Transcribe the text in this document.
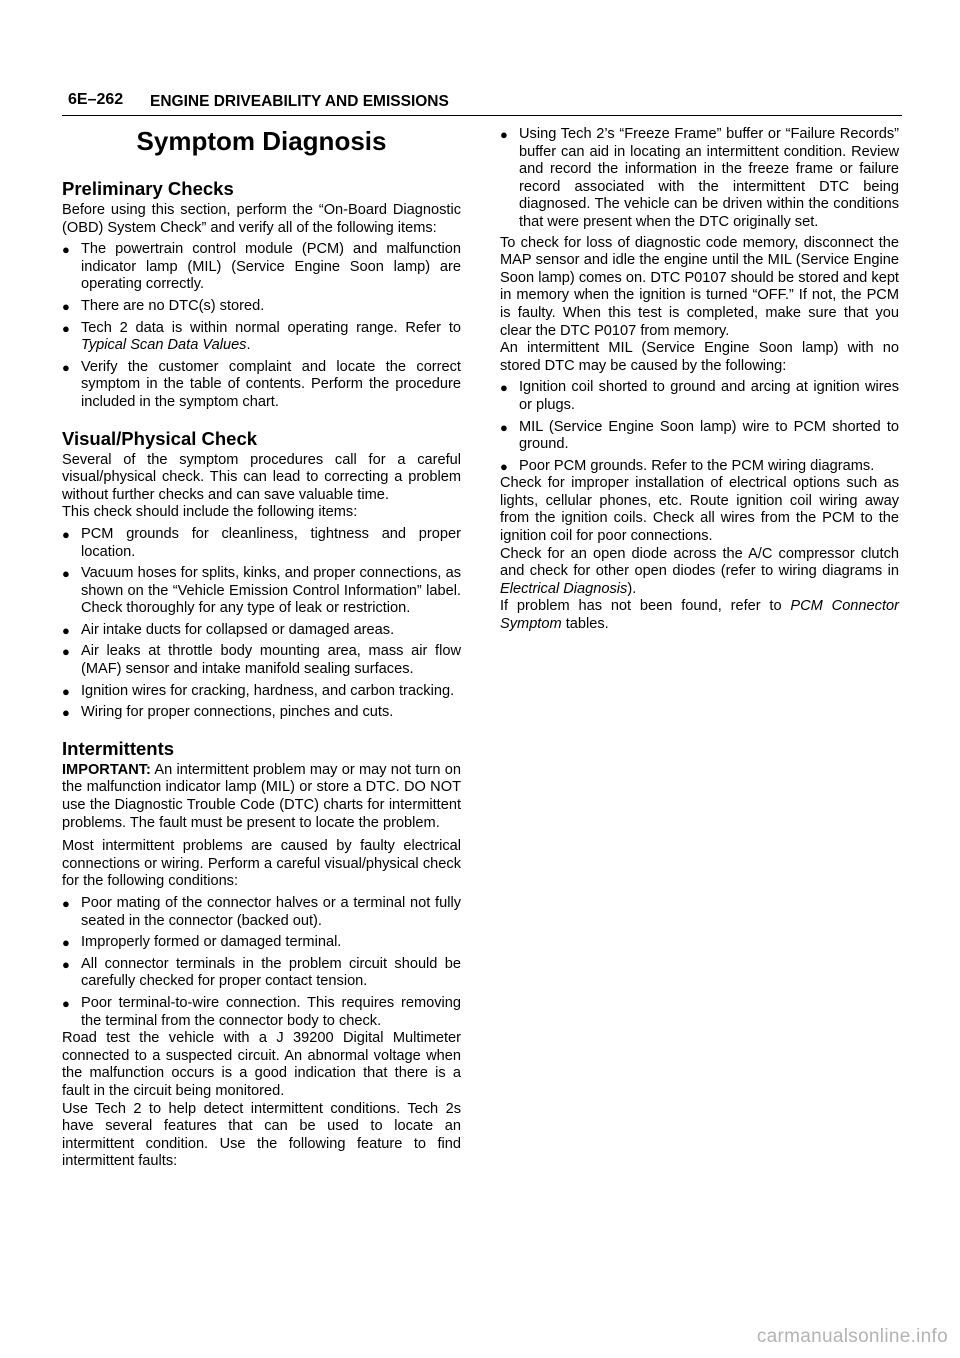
6E–262 ENGINE DRIVEABILITY AND EMISSIONS
Symptom Diagnosis
Preliminary Checks

Before using this section, perform the “On-Board Diagnostic (OBD) System Check” and verify all of the following items:

● The powertrain control module (PCM) and malfunction indicator lamp (MIL) (Service Engine Soon lamp) are operating correctly.
● There are no DTC(s) stored.
● Tech 2 data is within normal operating range. Refer to Typical Scan Data Values.
● Verify the customer complaint and locate the correct symptom in the table of contents. Perform the procedure included in the symptom chart.
Visual/Physical Check

Several of the symptom procedures call for a careful visual/physical check. This can lead to correcting a problem without further checks and can save valuable time.

This check should include the following items:

● PCM grounds for cleanliness, tightness and proper location.
● Vacuum hoses for splits, kinks, and proper connections, as shown on the “Vehicle Emission Control Information” label. Check thoroughly for any type of leak or restriction.
● Air intake ducts for collapsed or damaged areas.
● Air leaks at throttle body mounting area, mass air flow (MAF) sensor and intake manifold sealing surfaces.
● Ignition wires for cracking, hardness, and carbon tracking.
● Wiring for proper connections, pinches and cuts.
Intermittents

IMPORTANT: An intermittent problem may or may not turn on the malfunction indicator lamp (MIL) or store a DTC. DO NOT use the Diagnostic Trouble Code (DTC) charts for intermittent problems. The fault must be present to locate the problem.

Most intermittent problems are caused by faulty electrical connections or wiring. Perform a careful visual/physical check for the following conditions:

● Poor mating of the connector halves or a terminal not fully seated in the connector (backed out).
● Improperly formed or damaged terminal.
● All connector terminals in the problem circuit should be carefully checked for proper contact tension.
● Poor terminal-to-wire connection. This requires removing the terminal from the connector body to check.

Road test the vehicle with a J 39200 Digital Multimeter connected to a suspected circuit. An abnormal voltage when the malfunction occurs is a good indication that there is a fault in the circuit being monitored.

Use Tech 2 to help detect intermittent conditions. Tech 2s have several features that can be used to locate an intermittent condition. Use the following feature to find intermittent faults:

● Using Tech 2’s “Freeze Frame” buffer or “Failure Records” buffer can aid in locating an intermittent condition. Review and record the information in the freeze frame or failure record associated with the intermittent DTC being diagnosed. The vehicle can be driven within the conditions that were present when the DTC originally set.

To check for loss of diagnostic code memory, disconnect the MAP sensor and idle the engine until the MIL (Service Engine Soon lamp) comes on. DTC P0107 should be stored and kept in memory when the ignition is turned “OFF.” If not, the PCM is faulty. When this test is completed, make sure that you clear the DTC P0107 from memory.

An intermittent MIL (Service Engine Soon lamp) with no stored DTC may be caused by the following:

● Ignition coil shorted to ground and arcing at ignition wires or plugs.
● MIL (Service Engine Soon lamp) wire to PCM shorted to ground.
● Poor PCM grounds. Refer to the PCM wiring diagrams.

Check for improper installation of electrical options such as lights, cellular phones, etc. Route ignition coil wiring away from the ignition coils. Check all wires from the PCM to the ignition coil for poor connections.

Check for an open diode across the A/C compressor clutch and check for other open diodes (refer to wiring diagrams in Electrical Diagnosis).

If problem has not been found, refer to PCM Connector Symptom tables.

carmanualsonline.info
